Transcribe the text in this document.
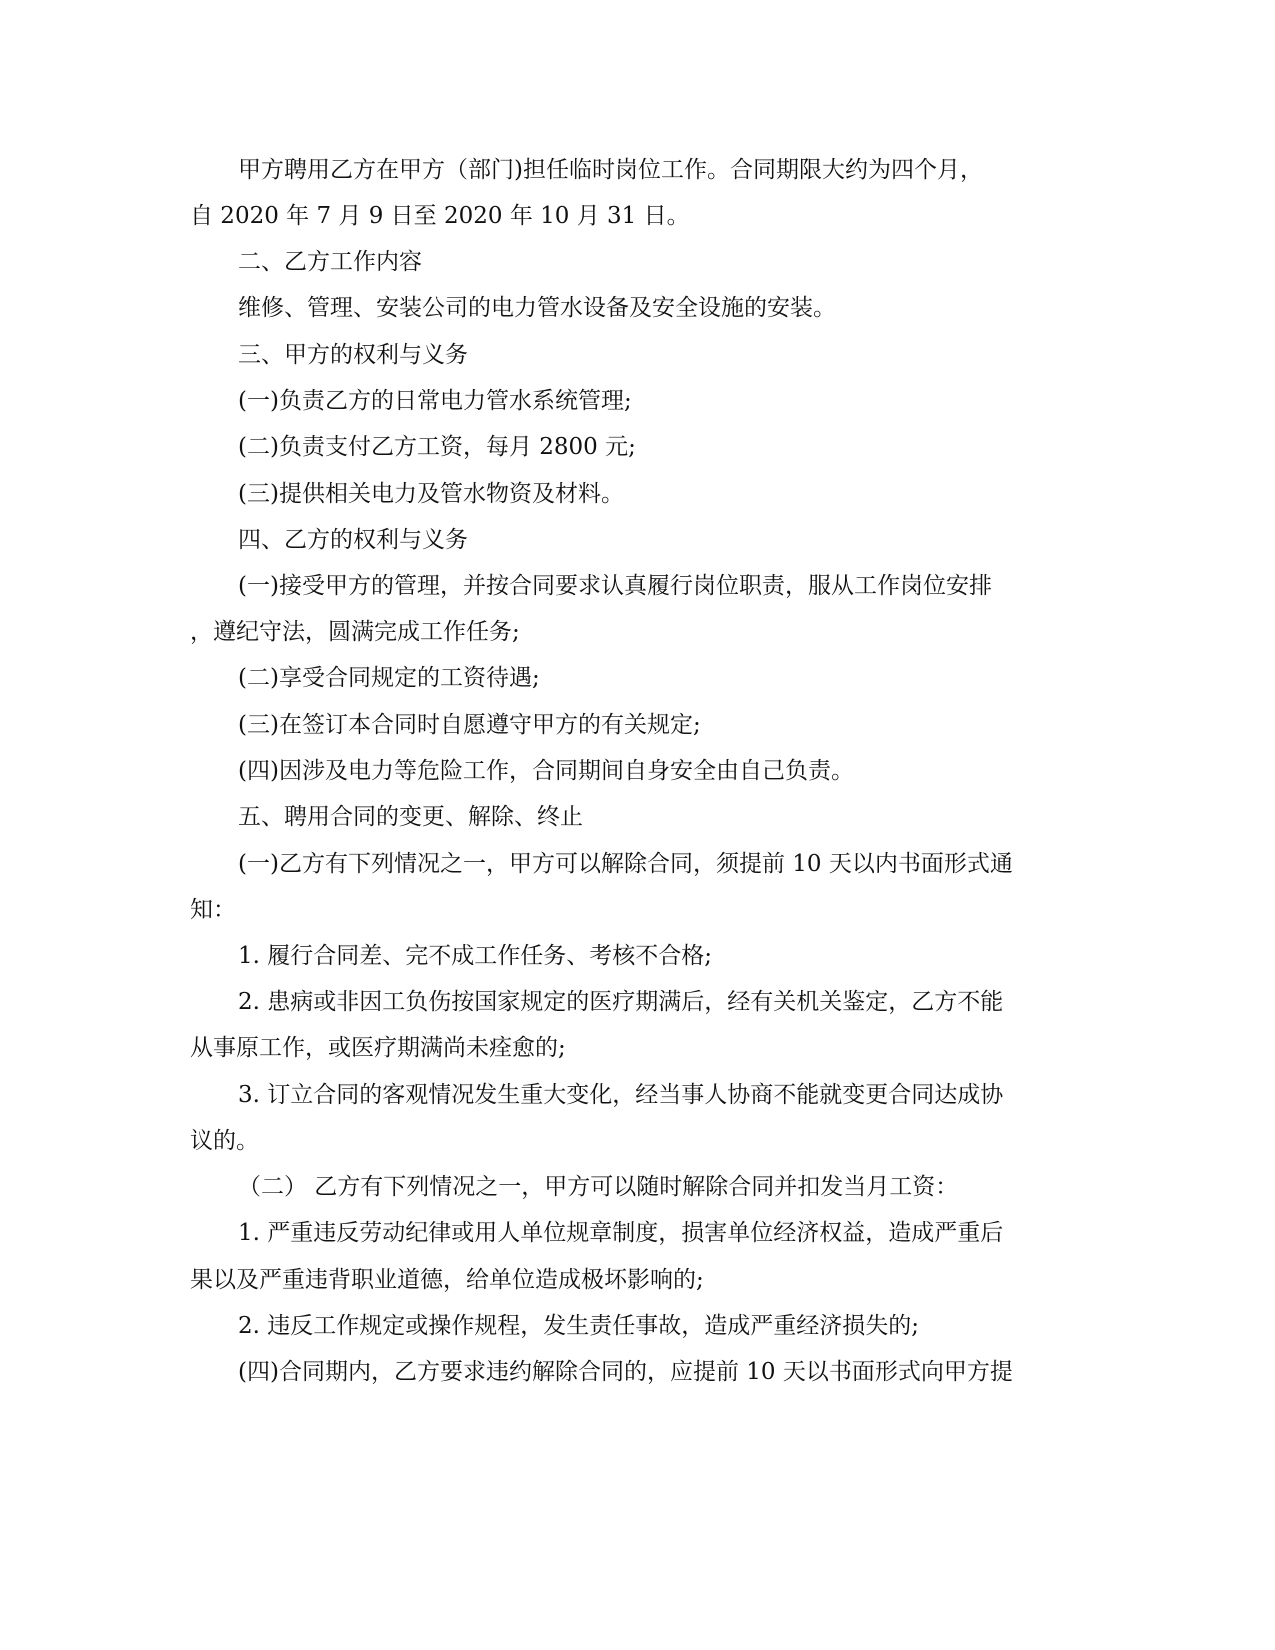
甲方聘用乙方在甲方（部门)担任临时岗位工作。合同期限大约为四个月，
自 2020 年 7 月 9 日至 2020 年 10 月 31 日。
二、乙方工作内容
维修、管理、安装公司的电力管水设备及安全设施的安装。
三、甲方的权利与义务
(一)负责乙方的日常电力管水系统管理;
(二)负责支付乙方工资，每月 2800 元;
(三)提供相关电力及管水物资及材料。
四、乙方的权利与义务
(一)接受甲方的管理，并按合同要求认真履行岗位职责，服从工作岗位安排
，遵纪守法，圆满完成工作任务;
(二)享受合同规定的工资待遇;
(三)在签订本合同时自愿遵守甲方的有关规定;
(四)因涉及电力等危险工作，合同期间自身安全由自己负责。
五、聘用合同的变更、解除、终止
(一)乙方有下列情况之一，甲方可以解除合同，须提前 10 天以内书面形式通
知：
1. 履行合同差、完不成工作任务、考核不合格;
2. 患病或非因工负伤按国家规定的医疗期满后，经有关机关鉴定，乙方不能
从事原工作，或医疗期满尚未痊愈的;
3. 订立合同的客观情况发生重大变化，经当事人协商不能就变更合同达成协
议的。
（二） 乙方有下列情况之一，甲方可以随时解除合同并扣发当月工资：
1. 严重违反劳动纪律或用人单位规章制度，损害单位经济权益，造成严重后
果以及严重违背职业道德，给单位造成极坏影响的;
2. 违反工作规定或操作规程，发生责任事故，造成严重经济损失的;
(四)合同期内，乙方要求违约解除合同的，应提前 10 天以书面形式向甲方提
